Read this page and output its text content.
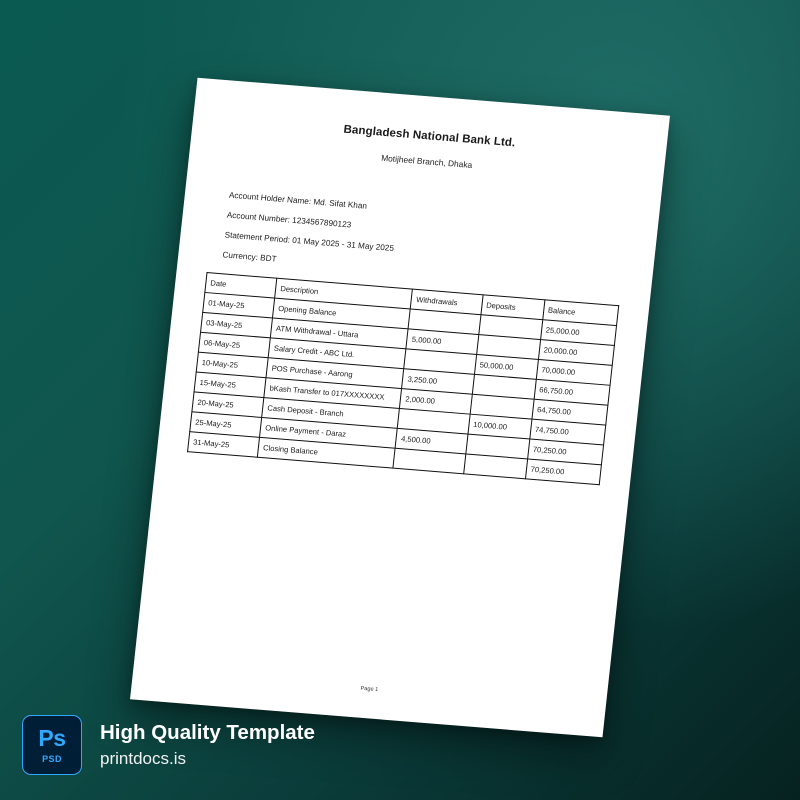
Bangladesh National Bank Ltd.
Motijheel Branch, Dhaka
Account Holder Name: Md. Sifat Khan
Account Number: 1234567890123
Statement Period: 01 May 2025 - 31 May 2025
Currency: BDT
Date	Description	Withdrawals	Deposits	Balance
01-May-25	Opening Balance			25,000.00
03-May-25	ATM Withdrawal - Uttara	5,000.00		20,000.00
06-May-25	Salary Credit - ABC Ltd.		50,000.00	70,000.00
10-May-25	POS Purchase - Aarong	3,250.00		66,750.00
15-May-25	bKash Transfer to 017XXXXXXXX	2,000.00		64,750.00
20-May-25	Cash Deposit - Branch		10,000.00	74,750.00
25-May-25	Online Payment - Daraz	4,500.00		70,250.00
31-May-25	Closing Balance			70,250.00
Page 1
Ps
PSD
High Quality Template
printdocs.is
